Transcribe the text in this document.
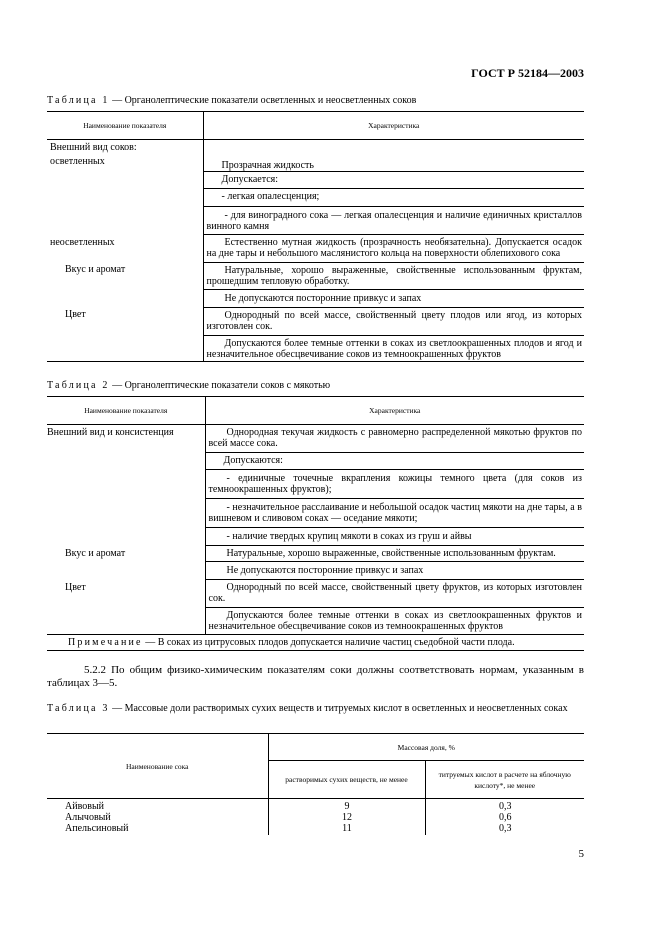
ГОСТ Р 52184—2003
Таблица 1 — Органолептические показатели осветленных и неосветленных соков
Наименование показателя	Характеристика
Внешний вид соков:	
осветленных	Прозрачная жидкость
	Допускается:
	- легкая опалесценция;
	- для виноградного сока — легкая опалесценция и наличие единичных кристаллов винного камня
неосветленных	Естественно мутная жидкость (прозрачность необязательна). Допускается осадок на дне тары и небольшого маслянистого кольца на поверхности облепихового сока
Вкус и аромат	Натуральные, хорошо выраженные, свойственные использованным фруктам, прошедшим тепловую обработку.
	Не допускаются посторонние привкус и запах
Цвет	Однородный по всей массе, свойственный цвету плодов или ягод, из которых изготовлен сок.
	Допускаются более темные оттенки в соках из светлоокрашенных плодов и ягод и незначительное обесцвечивание соков из темноокрашенных фруктов
Таблица 2 — Органолептические показатели соков с мякотью
Наименование показателя	Характеристика
Внешний вид и консистенция	Однородная текучая жидкость с равномерно распределенной мякотью фруктов по всей массе сока.
	Допускаются:
	- единичные точечные вкрапления кожицы темного цвета (для соков из темноокрашенных фруктов);
	- незначительное расслаивание и небольшой осадок частиц мякоти на дне тары, а в вишневом и сливовом соках — оседание мякоти;
	- наличие твердых крупиц мякоти в соках из груш и айвы
Вкус и аромат	Натуральные, хорошо выраженные, свойственные использованным фруктам.
	Не допускаются посторонние привкус и запах
Цвет	Однородный по всей массе, свойственный цвету фруктов, из которых изготовлен сок.
	Допускаются более темные оттенки в соках из светлоокрашенных фруктов и незначительное обесцвечивание соков из темноокрашенных фруктов
Примечание — В соках из цитрусовых плодов допускается наличие частиц съедобной части плода.	
5.2.2 По общим физико-химическим показателям соки должны соответствовать нормам, указанным в таблицах 3—5.
Таблица 3 — Массовые доли растворимых сухих веществ и титруемых кислот в осветленных и неосветленных соках
Наименование сока	Массовая доля, %	
	растворимых сухих веществ, не менее	титруемых кислот в расчете на яблочную кислоту*, не менее
Айвовый	9	0,3
Алычовый	12	0,6
Апельсиновый	11	0,3
5
